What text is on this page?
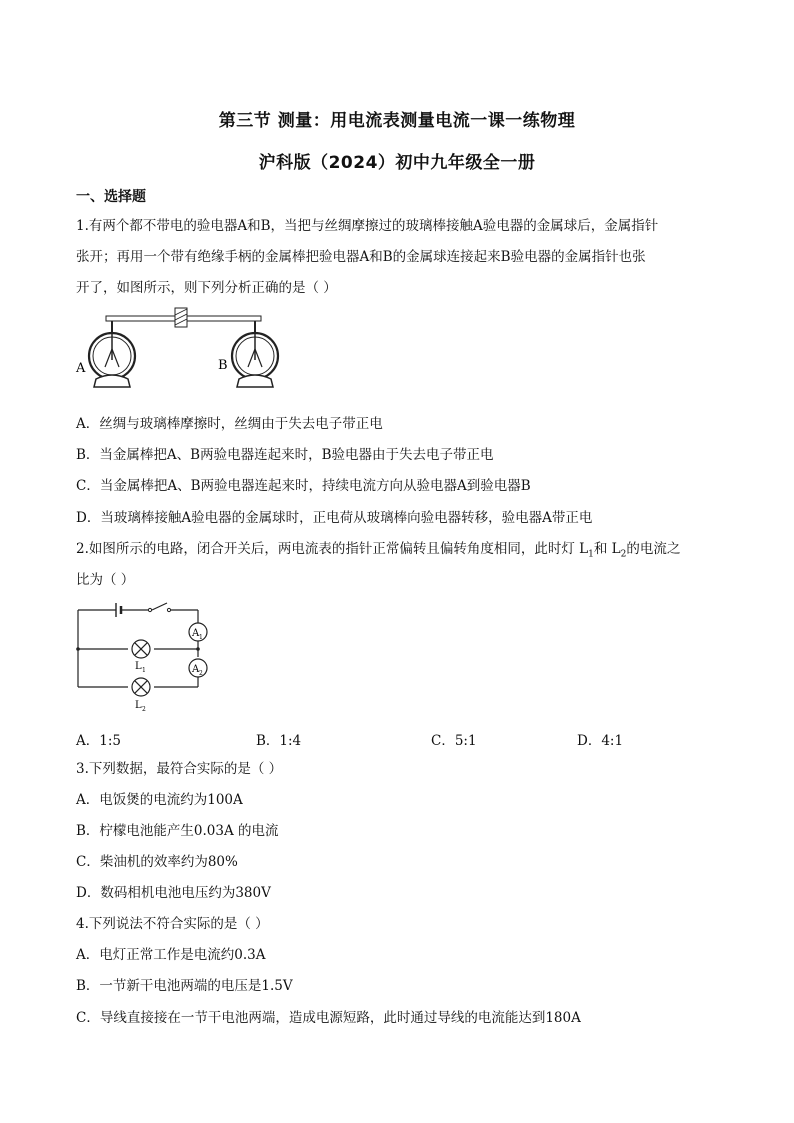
第三节 测量：用电流表测量电流一课一练物理
沪科版（2024）初中九年级全一册
一、选择题
1.有两个都不带电的验电器A和B，当把与丝绸摩擦过的玻璃棒接触A验电器的金属球后，金属指针
张开；再用一个带有绝缘手柄的金属棒把验电器A和B的金属球连接起来B验电器的金属指针也张
开了，如图所示，则下列分析正确的是（ ）
A	B
A．丝绸与玻璃棒摩擦时，丝绸由于失去电子带正电
B．当金属棒把A、B两验电器连起来时，B验电器由于失去电子带正电
C．当金属棒把A、B两验电器连起来时，持续电流方向从验电器A到验电器B
D．当玻璃棒接触A验电器的金属球时，正电荷从玻璃棒向验电器转移，验电器A带正电
2.如图所示的电路，闭合开关后，两电流表的指针正常偏转且偏转角度相同，此时灯 $L_1$和 $L_2$的电流之
比为（ ）
A 1
A 2
L 1
L 2
A．1:5	B．1:4	C．5:1	D．4:1
3.下列数据，最符合实际的是（ ）
A．电饭煲的电流约为100A
B．柠檬电池能产生0.03A 的电流
C．柴油机的效率约为80%
D．数码相机电池电压约为380V
4.下列说法不符合实际的是（ ）
A．电灯正常工作是电流约0.3A
B．一节新干电池两端的电压是1.5V
C．导线直接接在一节干电池两端，造成电源短路，此时通过导线的电流能达到180A
